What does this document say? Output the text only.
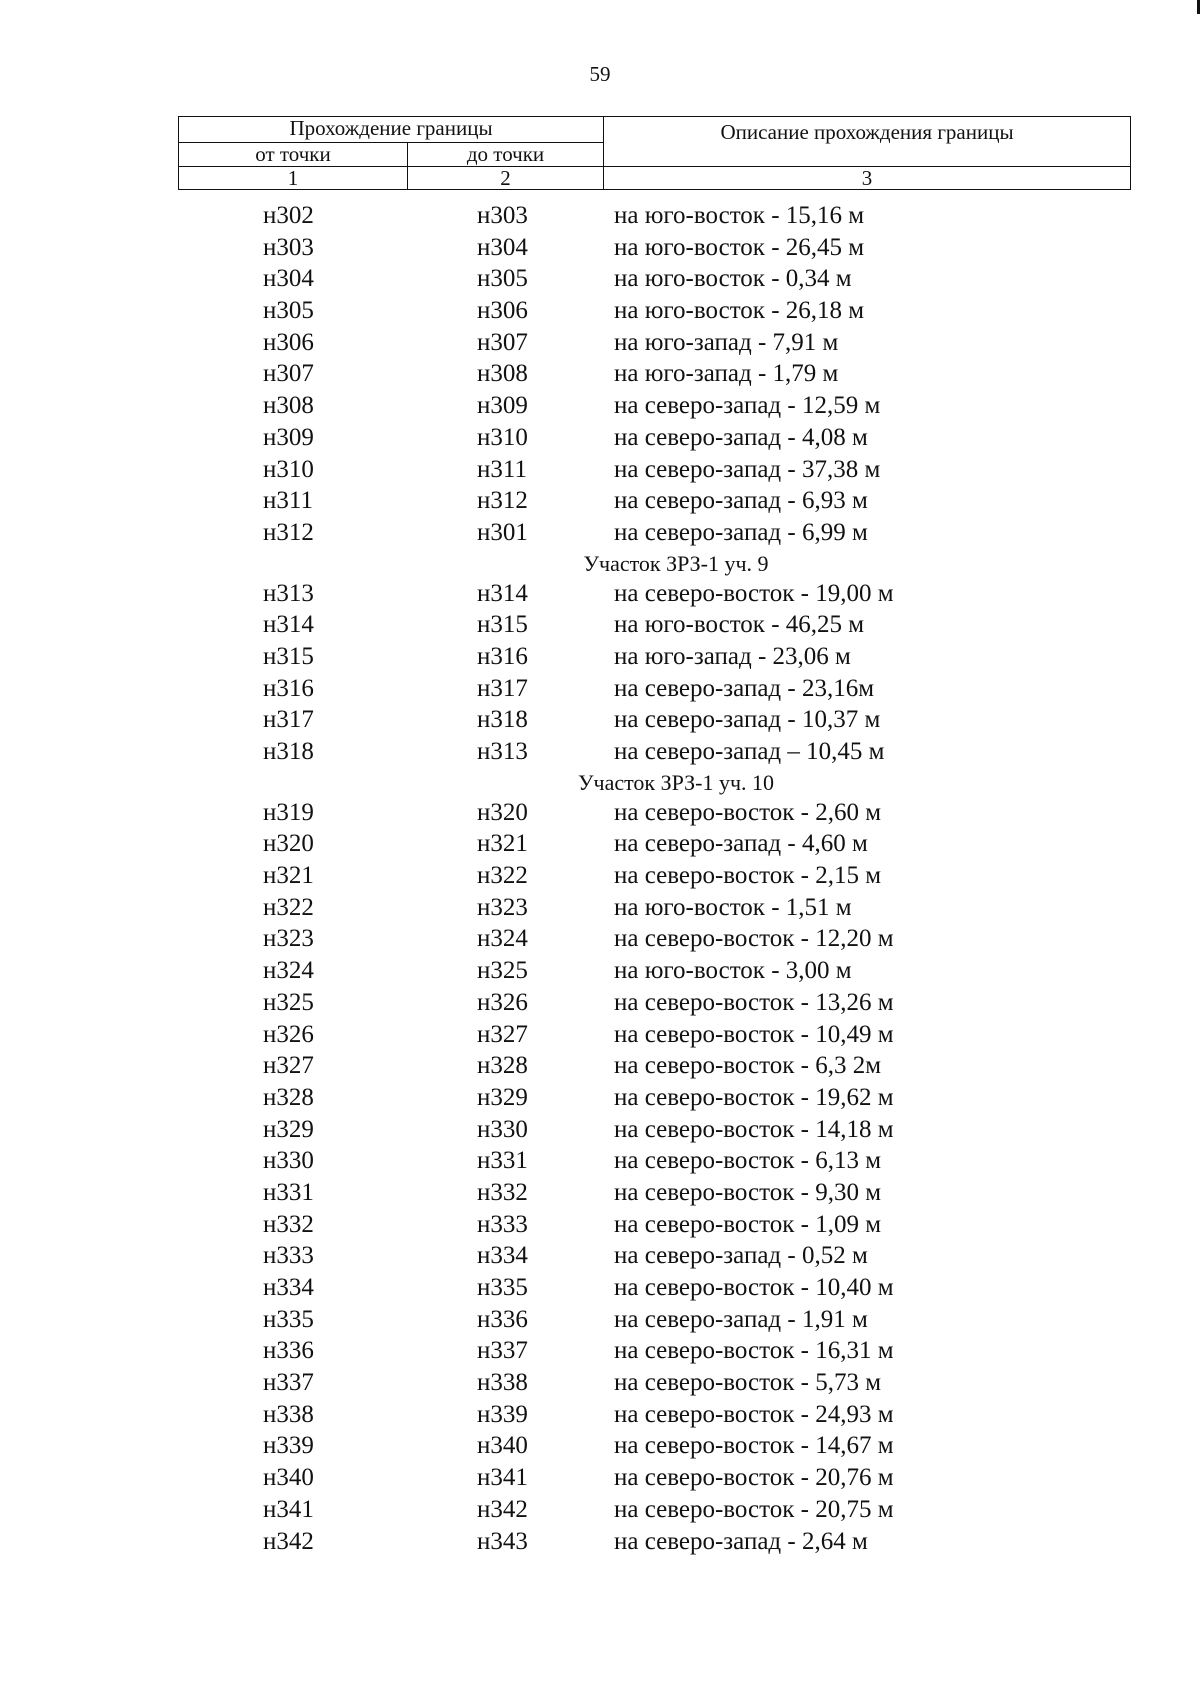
59
Прохождение границы		Описание прохождения границы
от точки	до точки	
1	2	3
н302	н303	на юго-восток - 15,16 м
н303	н304	на юго-восток - 26,45 м
н304	н305	на юго-восток - 0,34 м
н305	н306	на юго-восток - 26,18 м
н306	н307	на юго-запад - 7,91 м
н307	н308	на юго-запад - 1,79 м
н308	н309	на северо-запад - 12,59 м
н309	н310	на северо-запад - 4,08 м
н310	н311	на северо-запад - 37,38 м
н311	н312	на северо-запад - 6,93 м
н312	н301	на северо-запад - 6,99 м
Участок ЗРЗ-1 уч. 9
н313	н314	на северо-восток - 19,00 м
н314	н315	на юго-восток - 46,25 м
н315	н316	на юго-запад - 23,06 м
н316	н317	на северо-запад - 23,16м
н317	н318	на северо-запад - 10,37 м
н318	н313	на северо-запад – 10,45 м
Участок ЗРЗ-1 уч. 10
н319	н320	на северо-восток - 2,60 м
н320	н321	на северо-запад - 4,60 м
н321	н322	на северо-восток - 2,15 м
н322	н323	на юго-восток - 1,51 м
н323	н324	на северо-восток - 12,20 м
н324	н325	на юго-восток - 3,00 м
н325	н326	на северо-восток - 13,26 м
н326	н327	на северо-восток - 10,49 м
н327	н328	на северо-восток - 6,3 2м
н328	н329	на северо-восток - 19,62 м
н329	н330	на северо-восток - 14,18 м
н330	н331	на северо-восток - 6,13 м
н331	н332	на северо-восток - 9,30 м
н332	н333	на северо-восток - 1,09 м
н333	н334	на северо-запад - 0,52 м
н334	н335	на северо-восток - 10,40 м
н335	н336	на северо-запад - 1,91 м
н336	н337	на северо-восток - 16,31 м
н337	н338	на северо-восток - 5,73 м
н338	н339	на северо-восток - 24,93 м
н339	н340	на северо-восток - 14,67 м
н340	н341	на северо-восток - 20,76 м
н341	н342	на северо-восток - 20,75 м
н342	н343	на северо-запад - 2,64 м
